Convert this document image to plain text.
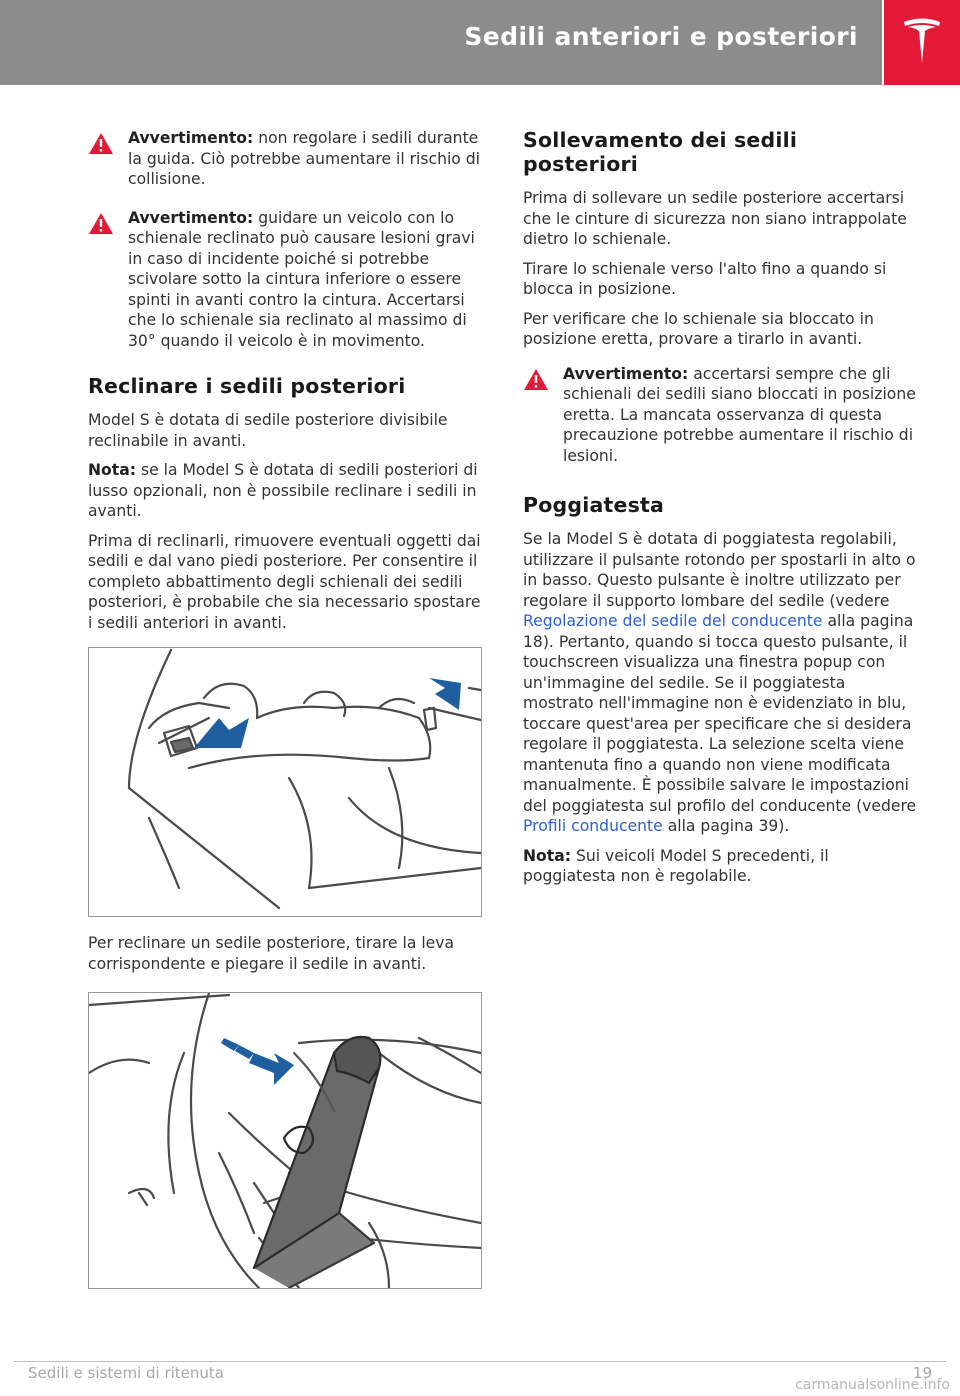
Sedili anteriori e posteriori

Avvertimento: non regolare i sedili durante la guida. Ciò potrebbe aumentare il rischio di collisione.

Avvertimento: guidare un veicolo con lo schienale reclinato può causare lesioni gravi in caso di incidente poiché si potrebbe scivolare sotto la cintura inferiore o essere spinti in avanti contro la cintura. Accertarsi che lo schienale sia reclinato al massimo di 30° quando il veicolo è in movimento.

Reclinare i sedili posteriori

Model S è dotata di sedile posteriore divisibile reclinabile in avanti.

Nota: se la Model S è dotata di sedili posteriori di lusso opzionali, non è possibile reclinare i sedili in avanti.

Prima di reclinarli, rimuovere eventuali oggetti dai sedili e dal vano piedi posteriore. Per consentire il completo abbattimento degli schienali dei sedili posteriori, è probabile che sia necessario spostare i sedili anteriori in avanti.

Per reclinare un sedile posteriore, tirare la leva corrispondente e piegare il sedile in avanti.

Sollevamento dei sedili posteriori

Prima di sollevare un sedile posteriore accertarsi che le cinture di sicurezza non siano intrappolate dietro lo schienale.

Tirare lo schienale verso l'alto fino a quando si blocca in posizione.

Per verificare che lo schienale sia bloccato in posizione eretta, provare a tirarlo in avanti.

Avvertimento: accertarsi sempre che gli schienali dei sedili siano bloccati in posizione eretta. La mancata osservanza di questa precauzione potrebbe aumentare il rischio di lesioni.

Poggiatesta

Se la Model S è dotata di poggiatesta regolabili, utilizzare il pulsante rotondo per spostarli in alto o in basso. Questo pulsante è inoltre utilizzato per regolare il supporto lombare del sedile (vedere Regolazione del sedile del conducente alla pagina 18). Pertanto, quando si tocca questo pulsante, il touchscreen visualizza una finestra popup con un'immagine del sedile. Se il poggiatesta mostrato nell'immagine non è evidenziato in blu, toccare quest'area per specificare che si desidera regolare il poggiatesta. La selezione scelta viene mantenuta fino a quando non viene modificata manualmente. È possibile salvare le impostazioni del poggiatesta sul profilo del conducente (vedere Profili conducente alla pagina 39).

Nota: Sui veicoli Model S precedenti, il poggiatesta non è regolabile.

Sedili e sistemi di ritenuta	19
carmanualsonline.info
